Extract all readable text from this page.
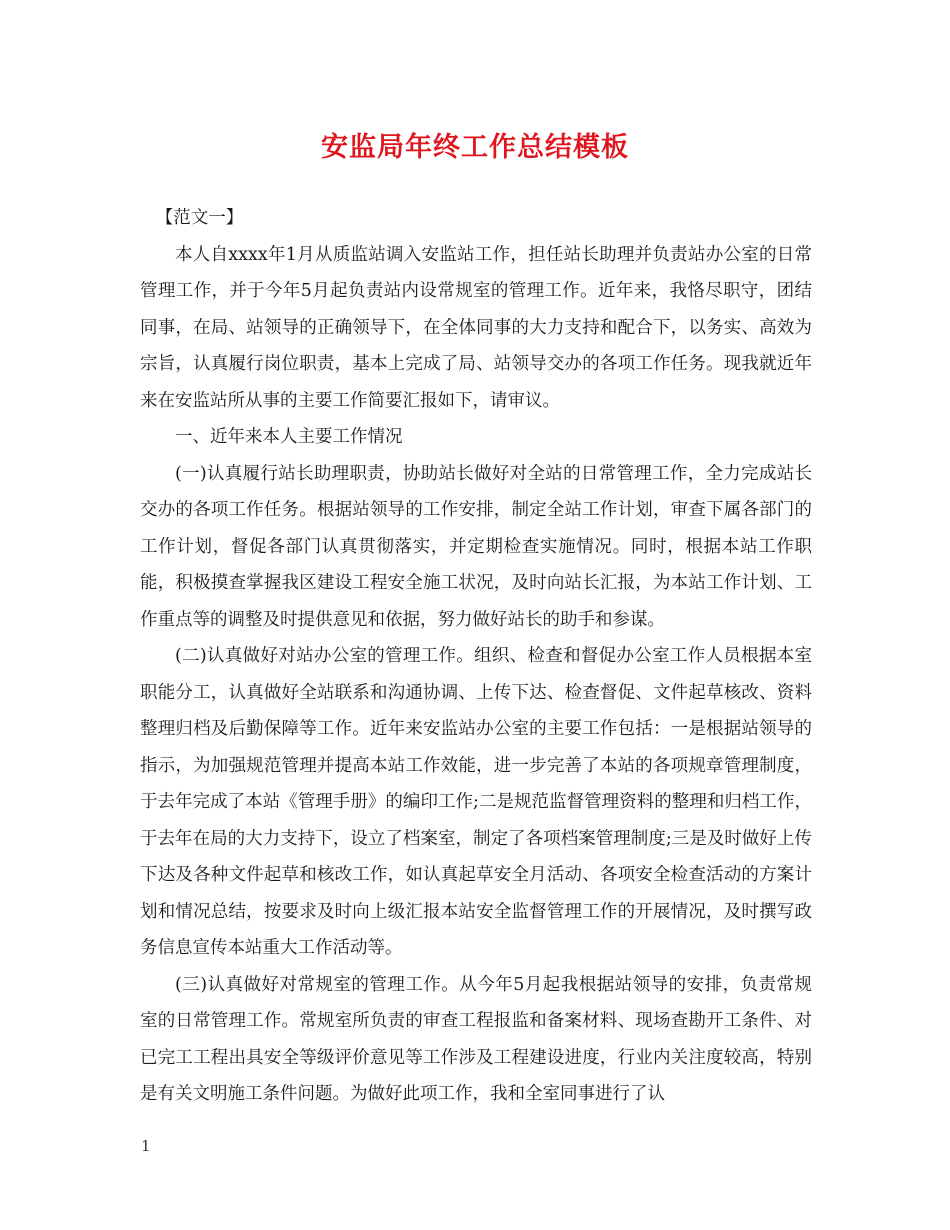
安监局年终工作总结模板

【范文一】

本人自xxxx年1月从质监站调入安监站工作，担任站长助理并负责站办公室的日常管理工作，并于今年5月起负责站内设常规室的管理工作。近年来，我恪尽职守，团结同事，在局、站领导的正确领导下，在全体同事的大力支持和配合下，以务实、高效为宗旨，认真履行岗位职责，基本上完成了局、站领导交办的各项工作任务。现我就近年来在安监站所从事的主要工作简要汇报如下，请审议。

一、近年来本人主要工作情况

(一)认真履行站长助理职责，协助站长做好对全站的日常管理工作，全力完成站长交办的各项工作任务。根据站领导的工作安排，制定全站工作计划，审查下属各部门的工作计划，督促各部门认真贯彻落实，并定期检查实施情况。同时，根据本站工作职能，积极摸查掌握我区建设工程安全施工状况，及时向站长汇报，为本站工作计划、工作重点等的调整及时提供意见和依据，努力做好站长的助手和参谋。

(二)认真做好对站办公室的管理工作。组织、检查和督促办公室工作人员根据本室职能分工，认真做好全站联系和沟通协调、上传下达、检查督促、文件起草核改、资料整理归档及后勤保障等工作。近年来安监站办公室的主要工作包括：一是根据站领导的指示，为加强规范管理并提高本站工作效能，进一步完善了本站的各项规章管理制度，于去年完成了本站《管理手册》的编印工作;二是规范监督管理资料的整理和归档工作，于去年在局的大力支持下，设立了档案室，制定了各项档案管理制度;三是及时做好上传下达及各种文件起草和核改工作，如认真起草安全月活动、各项安全检查活动的方案计划和情况总结，按要求及时向上级汇报本站安全监督管理工作的开展情况，及时撰写政务信息宣传本站重大工作活动等。

(三)认真做好对常规室的管理工作。从今年5月起我根据站领导的安排，负责常规室的日常管理工作。常规室所负责的审查工程报监和备案材料、现场查勘开工条件、对已完工工程出具安全等级评价意见等工作涉及工程建设进度，行业内关注度较高，特别是有关文明施工条件问题。为做好此项工作，我和全室同事进行了认

1
